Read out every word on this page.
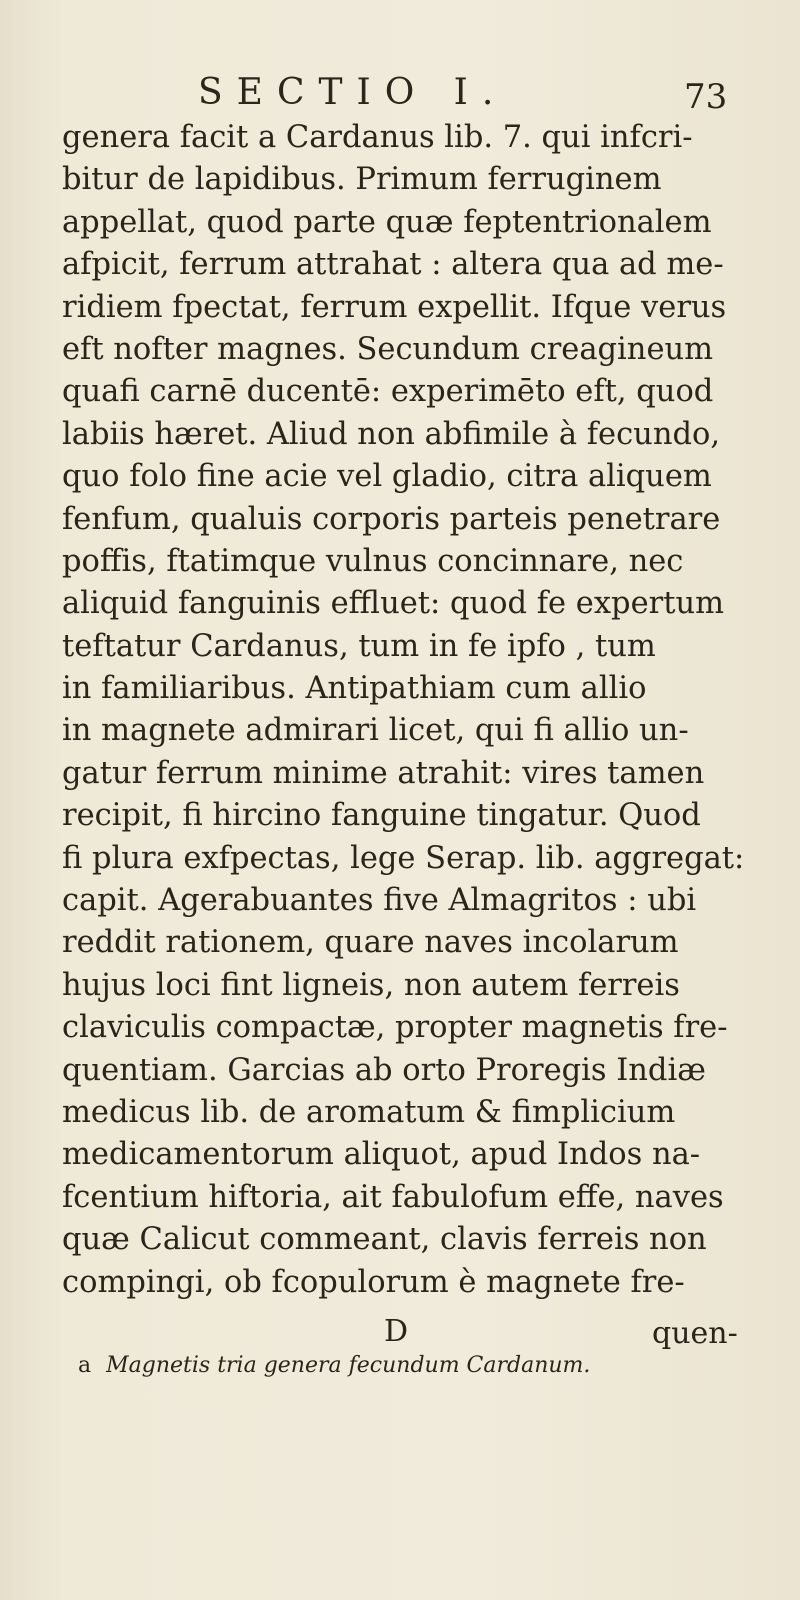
SECTIO I.	73
genera facit a Cardanus lib. 7. qui infcri-
bitur de lapidibus. Primum ferruginem
appellat, quod parte quæ feptentrionalem
afpicit, ferrum attrahat : altera qua ad me-
ridiem fpectat, ferrum expellit. Ifque verus
eft nofter magnes. Secundum creagineum
quafi carnē ducentē: experimēto eft, quod
labiis hæret. Aliud non abfimile à fecundo,
quo folo fine acie vel gladio, citra aliquem
fenfum, qualuis corporis parteis penetrare
poffis, ftatimque vulnus concinnare, nec
aliquid fanguinis effluet: quod fe expertum
teftatur Cardanus, tum in fe ipfo , tum
in familiaribus. Antipathiam cum allio
in magnete admirari licet, qui fi allio un-
gatur ferrum minime atrahit: vires tamen
recipit, fi hircino fanguine tingatur. Quod
fi plura exfpectas, lege Serap. lib. aggregat:
capit. Agerabuantes five Almagritos : ubi
reddit rationem, quare naves incolarum
hujus loci fint ligneis, non autem ferreis
claviculis compactæ, propter magnetis fre-
quentiam. Garcias ab orto Proregis Indiæ
medicus lib. de aromatum & fimplicium
medicamentorum aliquot, apud Indos na-
fcentium hiftoria, ait fabulofum effe, naves
quæ Calicut commeant, clavis ferreis non
compingi, ob fcopulorum è magnete fre-
D	quen-
a Magnetis tria genera fecundum Cardanum.
